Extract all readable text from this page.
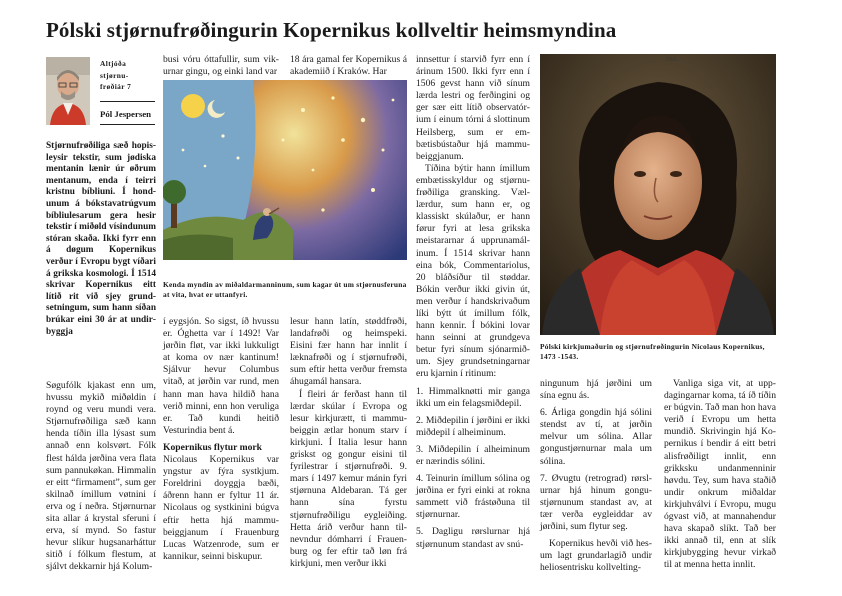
Pólski stjørnufrøðingurin Kopernikus kollveltir heimsmyndina
Altjóða
stjørnu-
frøðiár 7
Pól Jespersen
Stjørnufrøðiliga sæð hopisleysir tekstir, sum jødiska mentanin lænir úr øðrum mentanum, enda í teirri kristnu bíbliuni. Í hondunum á bókstavatrúgvum bíbliulesarum gera hesir tekstir í miðøld vísindunum stóran skaða. Ikki fyrr enn á døgum Kopernikus verður í Evropu bygt víðari á grikska kosmologi. Í 1514 skrivar Kopernikus eitt lítið rit við sjey grundsetningum, sum hann síðan brúkar eini 30 ár at undirbyggja

Søgufólk kjakast enn um, hvussu mykið miðøldin í roynd og veru mundi vera. Stjørnufrøðiliga sæð kann henda tíðin illa lýsast sum annað enn kolsvørt. Fólk flest hálda jørðina vera flata sum pannukøkan. Himmalin er eitt “firmament”, sum ger skilnað ímillum vøtnini í erva og í neðra. Stjørnurnar sita allar á krystal sferuni í erva, sí mynd. So fastur hevur slíkur hugsanarháttur sitið í fólkum flestum, at sjálvt dekkarnir hjá Kolum-

busi vóru óttafullir, sum vikurnar gingu, og einki land var

18 ára gamal fer Kopernikus á akademiið í Kraków. Har

Kenda myndin av miðaldarmanninum, sum kagar út um stjørnusferuna at vita, hvat er uttanfyri.

í eygsjón. So sigst, íð hvussu er. Óghetta var í 1492! Var jørðin fløt, var ikki lukkuligt at koma ov nær kantinum! Sjálvur hevur Columbus vitað, at jørðin var rund, men hann man hava hildið hana verið minni, enn hon veruliga er. Tað kundi heitið Vesturindia bent á.

Kopernikus flytur mork

Nicolaus Kopernikus var yngstur av fýra systkjum. Foreldrini doyggja bæði, áðrenn hann er fyltur 11 ár. Nicolaus og systkinini búgva eftir hetta hjá mammubeiggjanum í Frauenburg Lucas Watzenrode, sum er kannikur, seinni biskupur.

lesur hann latín, støddfrøði, landafrøði og heimspeki. Eisini fær hann har innlit í læknafrøði og í stjørnufrøði, sum eftir hetta verður fremsta áhugamál hansara.

Í fleiri ár ferðast hann til lærdar skúlar í Evropa og lesur kirkjurætt, ti mammubeiggin ætlar honum starv í kirkjuni. Í Italia lesur hann griskst og gongur eisini til fyrilestrar í stjørnufrøði. 9. mars í 1497 kemur mánin fyri stjørnuna Aldebaran. Tá ger hann sína fyrstu stjørnufrøðiligu eygleiðing. Hetta árið verður hann tilnevndur dómharri í Frauenburg og fer eftir tað løn frá kirkjuni, men verður ikki

innsettur í starvið fyrr enn í árinum 1500. Ikki fyrr enn í 1506 gevst hann við sínum lærda lestri og ferðingini og ger sær eitt lítið observatórium í einum tórni á slottinum Heilsberg, sum er embætisbústaður hjá mammubeiggjanum.

Tíðina býtir hann ímillum embætisskyldur og stjørnufrøðiliga gransking. Vællærdur, sum hann er, og klassiskt skúlaður, er hann førur fyri at lesa grikska meistararnar á upprunamálinum. Í 1514 skrivar hann eina bók, Commentariolus, 20 bláðsíður til støddar. Bókin verður ikki givin út, men verður í handskrivaðum líki býtt út ímillum fólk, hann kennir. Í bókini lovar hann seinni at grundgeva betur fyri sínum sjónarmiðum. Sjey grundsetningarnar eru kjarnin í ritinum:

1. Himmalknøtti mir ganga ikki um ein felagsmiðdepil.

2. Miðdepilin í jørðini er ikki miðdepil í alheiminum.

3. Miðdepilin í alheiminum er nærindis sólini.

4. Teinurin ímillum sólina og jørðina er fyri einki at rokna sammett við frástøðuna til stjørnurnar.

5. Dagligu rørslurnar hjá stjørnunum standast av snú-

ína.
Pólski kirkjumaðurin og stjørnufrøðingurin Nicolaus Kopernikus, 1473 -1543.

ningunum hjá jørðini um sína egnu ás.

6. Árliga gongdin hjá sólini stendst av tí, at jørðin melvur um sólina. Allar gongustjørnurnar mala um sólina.

7. Øvugtu (retrograd) rørslurnar hjá hinum gongustjørnunum standast av, at tær verða eygleiddar av jørðini, sum flytur seg.

Kopernikus hevði við hesum lagt grundarlagið undir heliosentrisku kollvelting-

Vanliga siga vit, at uppdagingarnar koma, tá íð tíðin er búgvin. Tað man hon hava verið í Evropu um hetta mundið. Skrivingin hjá Kopernikus í bendir á eitt betri alisfrøðiligt innlit, enn grikksku undanmenninir høvdu. Tey, sum hava staðið undir onkrum miðaldar kirkjuhválvi í Evropu, mugu ógvast við, at mannahendur hava skapað slíkt. Tað ber ikki annað til, enn at slík kirkjubygging hevur virkað til at menna hetta innlit.
